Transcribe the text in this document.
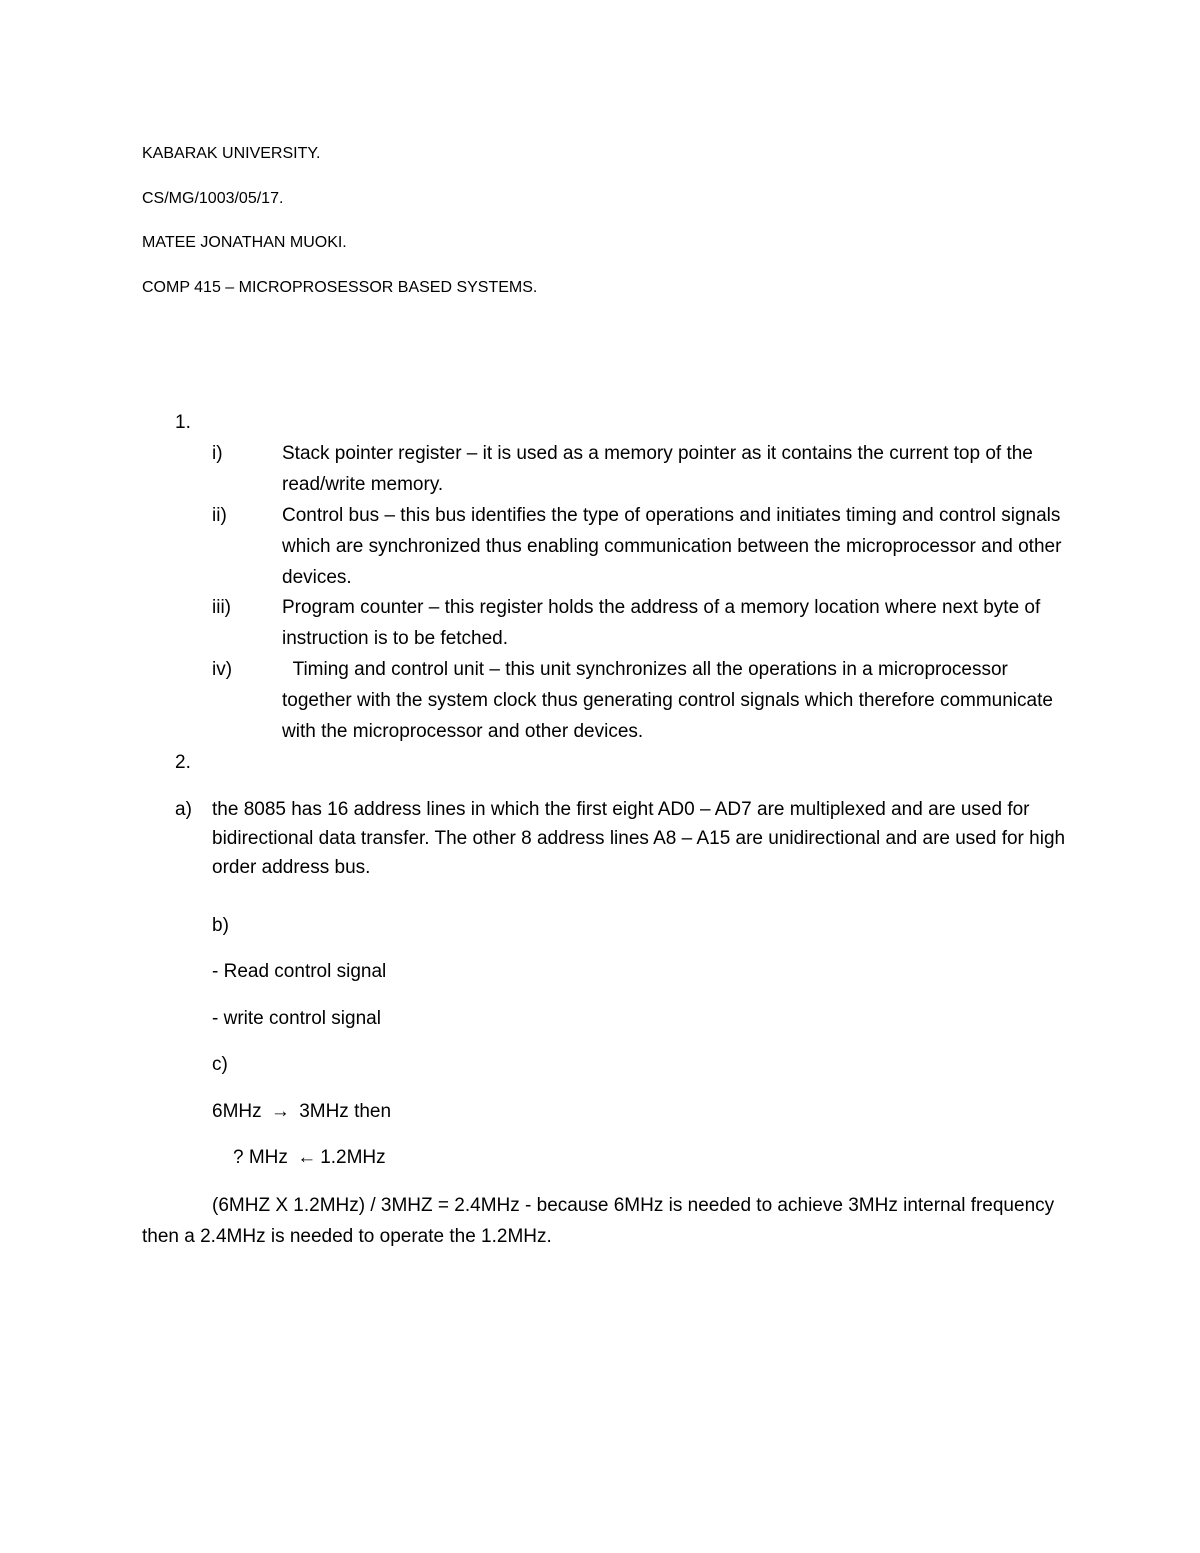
KABARAK UNIVERSITY.
CS/MG/1003/05/17.
MATEE JONATHAN MUOKI.
COMP 415 – MICROPROSESSOR BASED SYSTEMS.
1.
i)	Stack pointer register – it is used as a memory pointer as it contains the current top of the read/write memory.
ii)	Control bus – this bus identifies the type of operations and initiates timing and control signals which are synchronized thus enabling communication between the microprocessor and other devices.
iii)	Program counter – this register holds the address of a memory location where next byte of instruction is to be fetched.
iv)	Timing and control unit – this unit synchronizes all the operations in a microprocessor together with the system clock thus generating control signals which therefore communicate with the microprocessor and other devices.
2.
a) the 8085 has 16 address lines in which the first eight AD0 – AD7 are multiplexed and are used for bidirectional data transfer. The other 8 address lines A8 – A15 are unidirectional and are used for high order address bus.
b)
- Read control signal
- write control signal
c)
6MHz → 3MHz then
? MHz ← 1.2MHz
(6MHZ X 1.2MHz) / 3MHZ = 2.4MHz - because 6MHz is needed to achieve 3MHz internal frequency then a 2.4MHz is needed to operate the 1.2MHz.
